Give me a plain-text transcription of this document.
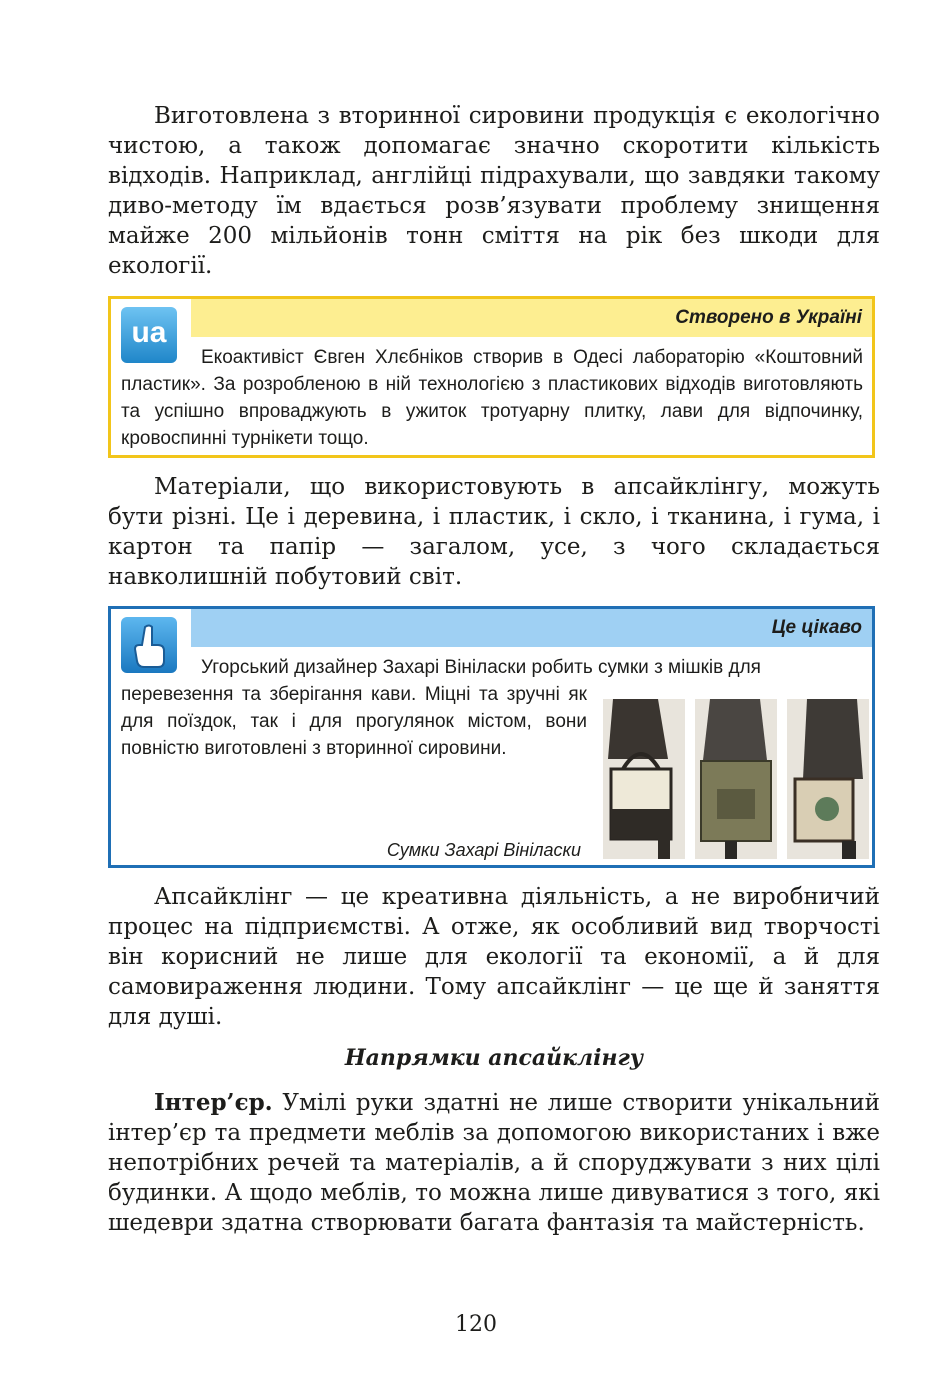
Виготовлена з вторинної сировини продукція є екологічно чистою, а також допомагає значно скоротити кількість відходів. Наприклад, англійці підрахували, що завдяки такому диво-методу їм вдається розв’язувати проблему знищення майже 200 мільйонів тонн сміття на рік без шкоди для екології.

Створено в Україні
ua

Екоактивіст Євген Хлєбніков створив в Одесі лабораторію «Коштовний пластик». За розробленою в ній технологією з пластикових відходів виготовляють та успішно впроваджують в ужиток тротуарну плитку, лави для відпочинку, кровоспинні турнікети тощо.

Матеріали, що використовують в апсайклінгу, можуть бути різні. Це і деревина, і пластик, і скло, і тканина, і гума, і картон та папір — загалом, усе, з чого складається навколишній побутовий світ.

Це цікаво

Угорський дизайнер Захарі Вініласки робить сумки з мішків для

перевезення та зберігання кави. Міцні та зручні як для поїздок, так і для прогулянок містом, вони повністю виготовлені з вторинної сировини.

Сумки Захарі Вініласки

Апсайклінг — це креативна діяльність, а не виробничий процес на підприємстві. А отже, як особливий вид творчості він корисний не лише для екології та економії, а й для самовираження людини. Тому апсайклінг — це ще й заняття для душі.

Напрямки апсайклінгу

Інтер’єр. Умілі руки здатні не лише створити унікальний інтер’єр та предмети меблів за допомогою використаних і вже непотрібних речей та матеріалів, а й споруджувати з них цілі будинки. А щодо меблів, то можна лише дивуватися з того, які шедеври здатна створювати багата фантазія та майстерність.

120
